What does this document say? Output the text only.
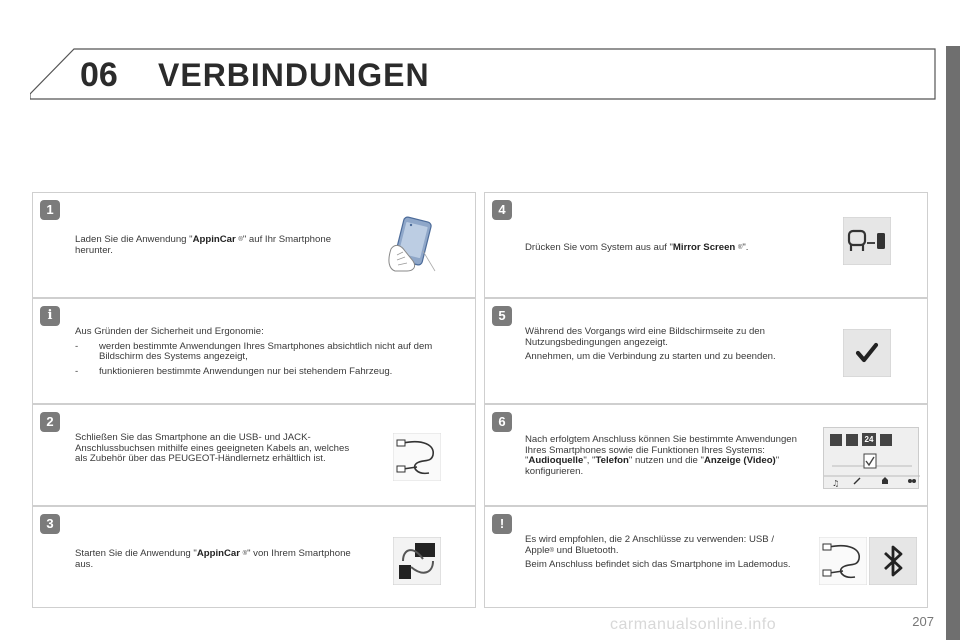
06 VERBINDUNGEN
1
Laden Sie die Anwendung "AppinCar ®" auf Ihr Smartphone herunter.
i

Aus Gründen der Sicherheit und Ergonomie:

- werden bestimmte Anwendungen Ihres Smartphones absichtlich nicht auf dem Bildschirm des Systems angezeigt,
- funktionieren bestimmte Anwendungen nur bei stehendem Fahrzeug.
2
Schließen Sie das Smartphone an die USB- und JACK-Anschlussbuchsen mithilfe eines geeigneten Kabels an, welches als Zubehör über das PEUGEOT-Händlernetz erhältlich ist.
3
Starten Sie die Anwendung "AppinCar ®" von Ihrem Smartphone aus.
4
Drücken Sie vom System aus auf "Mirror Screen ®".
5

Während des Vorgangs wird eine Bildschirmseite zu den Nutzungsbedingungen angezeigt.

Annehmen, um die Verbindung zu starten und zu beenden.

6
Nach erfolgtem Anschluss können Sie bestimmte Anwendungen Ihres Smartphones sowie die Funktionen Ihres Systems: "Audioquelle", "Telefon" nutzen und die "Anzeige (Video)" konfigurieren.
♫
24
!

Es wird empfohlen, die 2 Anschlüsse zu verwenden: USB / Apple® und Bluetooth.

Beim Anschluss befindet sich das Smartphone im Lademodus.

carmanualsonline.info	207
